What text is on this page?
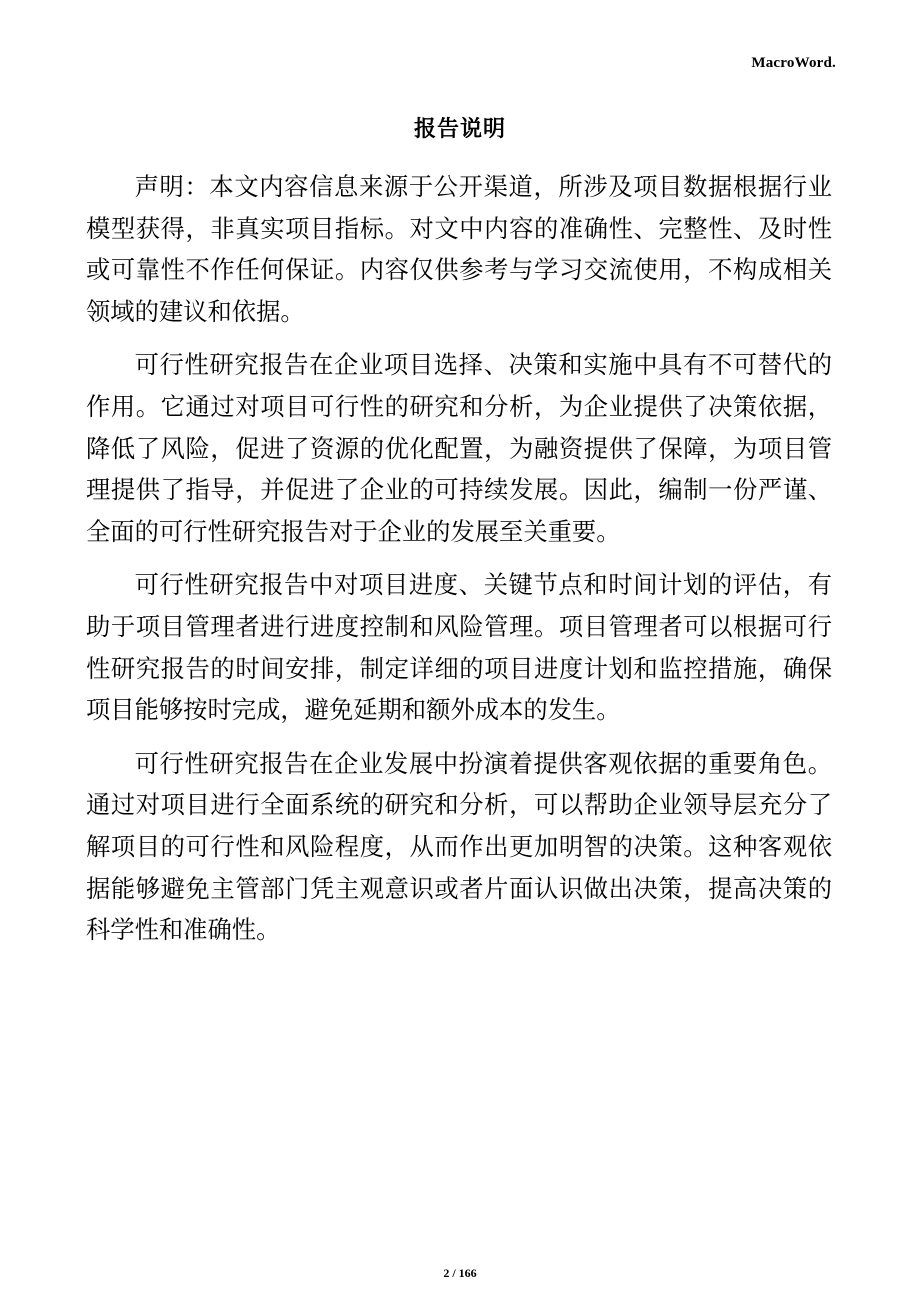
MacroWord.
报告说明

声明：本文内容信息来源于公开渠道，所涉及项目数据根据行业模型获得，非真实项目指标。对文中内容的准确性、完整性、及时性或可靠性不作任何保证。内容仅供参考与学习交流使用，不构成相关领域的建议和依据。

可行性研究报告在企业项目选择、决策和实施中具有不可替代的作用。它通过对项目可行性的研究和分析，为企业提供了决策依据，降低了风险，促进了资源的优化配置，为融资提供了保障，为项目管理提供了指导，并促进了企业的可持续发展。因此，编制一份严谨、全面的可行性研究报告对于企业的发展至关重要。

可行性研究报告中对项目进度、关键节点和时间计划的评估，有助于项目管理者进行进度控制和风险管理。项目管理者可以根据可行性研究报告的时间安排，制定详细的项目进度计划和监控措施，确保项目能够按时完成，避免延期和额外成本的发生。

可行性研究报告在企业发展中扮演着提供客观依据的重要角色。通过对项目进行全面系统的研究和分析，可以帮助企业领导层充分了解项目的可行性和风险程度，从而作出更加明智的决策。这种客观依据能够避免主管部门凭主观意识或者片面认识做出决策，提高决策的科学性和准确性。

2 / 166
